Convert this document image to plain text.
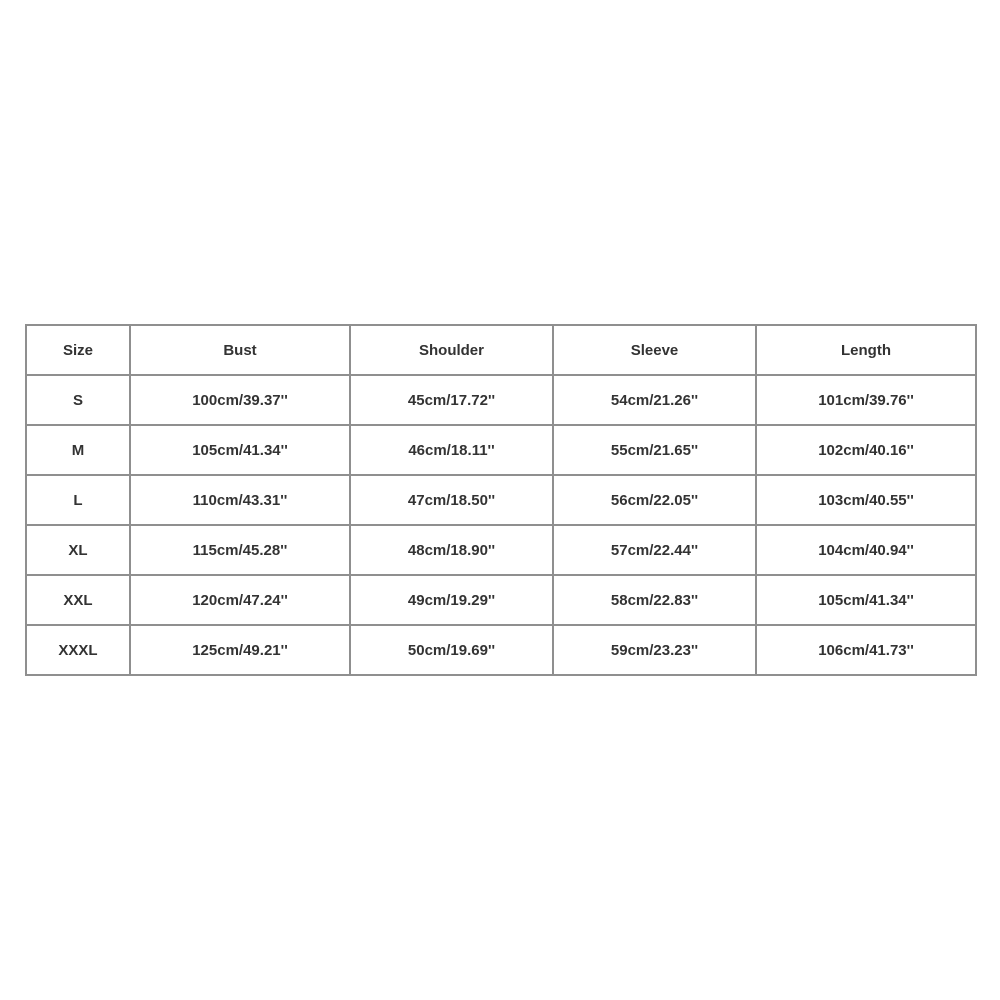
Size	Bust	Shoulder	Sleeve	Length
S	100cm/39.37''	45cm/17.72''	54cm/21.26''	101cm/39.76''
M	105cm/41.34''	46cm/18.11''	55cm/21.65''	102cm/40.16''
L	110cm/43.31''	47cm/18.50''	56cm/22.05''	103cm/40.55''
XL	115cm/45.28''	48cm/18.90''	57cm/22.44''	104cm/40.94''
XXL	120cm/47.24''	49cm/19.29''	58cm/22.83''	105cm/41.34''
XXXL	125cm/49.21''	50cm/19.69''	59cm/23.23''	106cm/41.73''
